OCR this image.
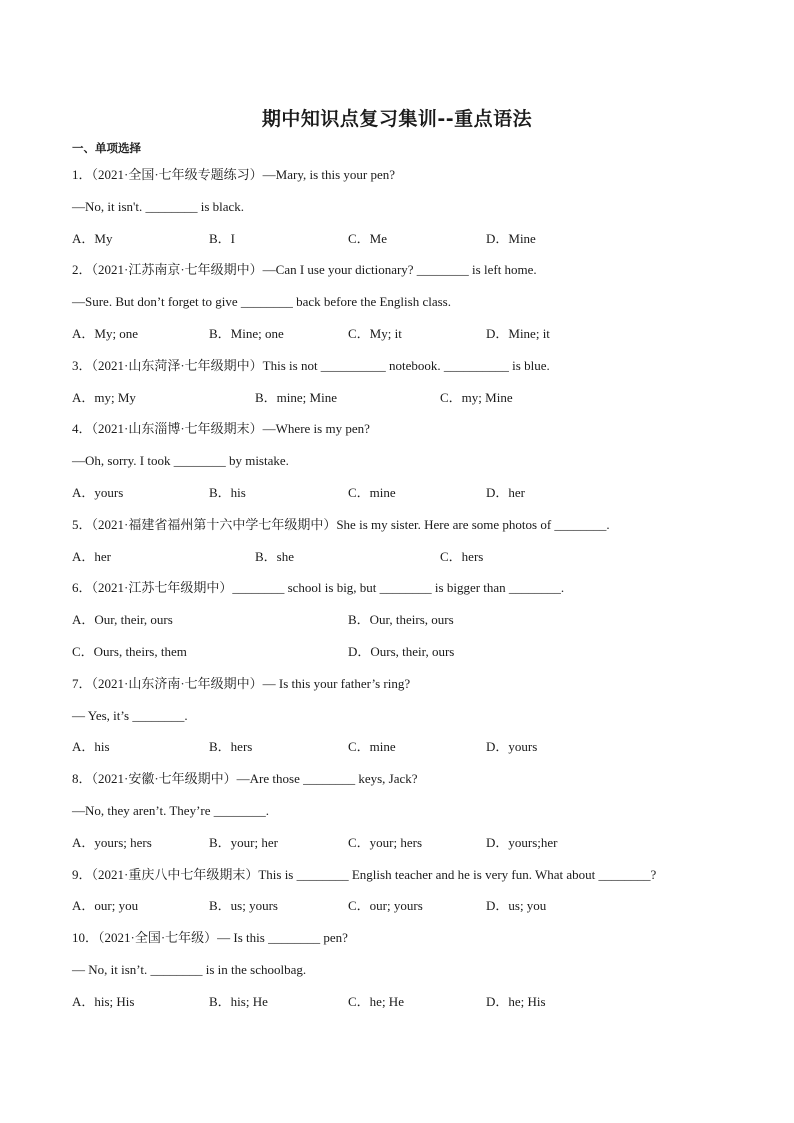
期中知识点复习集训--重点语法
一、单项选择
1．（2021·全国·七年级专题练习）—Mary, is this your pen?
—No, it isn't. ________ is black.
A．My	B．I	C．Me	D．Mine
2．（2021·江苏南京·七年级期中）—Can I use your dictionary? ________ is left home.
—Sure. But don’t forget to give ________ back before the English class.
A．My; one	B．Mine; one	C．My; it	D．Mine; it
3．（2021·山东菏泽·七年级期中）This is not __________ notebook. __________ is blue.
A．my; My	B．mine; Mine	C．my; Mine
4．（2021·山东淄博·七年级期末）—Where is my pen?
—Oh, sorry. I took ________ by mistake.
A．yours	B．his	C．mine	D．her
5．（2021·福建省福州第十六中学七年级期中）She is my sister. Here are some photos of ________.
A．her	B．she	C．hers
6．（2021·江苏七年级期中）________ school is big, but ________ is bigger than ________.
A．Our, their, ours	B．Our, theirs, ours
C．Ours, theirs, them	D．Ours, their, ours
7．（2021·山东济南·七年级期中）— Is this your father’s ring?
— Yes, it’s ________.
A．his	B．hers	C．mine	D．yours
8．（2021·安徽·七年级期中）—Are those ________ keys, Jack?
—No, they aren’t. They’re ________.
A．yours; hers	B．your; her	C．your; hers	D．yours;her
9．（2021·重庆八中七年级期末）This is ________ English teacher and he is very fun. What about ________?
A．our; you	B．us; yours	C．our; yours	D．us; you
10．（2021·全国·七年级）— Is this ________ pen?
— No, it isn’t. ________ is in the schoolbag.
A．his; His	B．his; He	C．he; He	D．he; His
